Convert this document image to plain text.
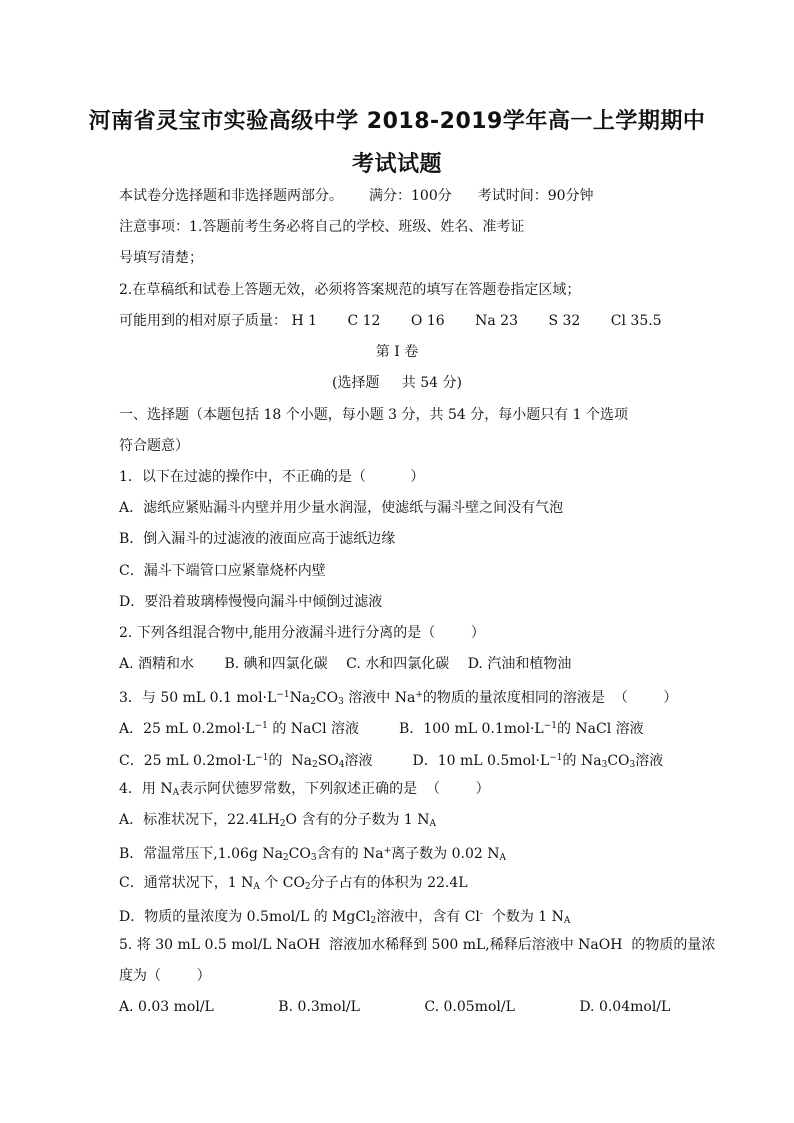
河南省灵宝市实验高级中学 2018-2019学年高一上学期期中
考试试题
本试卷分选择题和非选择题两部分。 满分：100分 考试时间：90分钟
注意事项：1.答题前考生务必将自己的学校、班级、姓名、准考证
号填写清楚；
2.在草稿纸和试卷上答题无效，必须将答案规范的填写在答题卷指定区域；
可能用到的相对原子质量： H 1 C 12 O 16 Na 23 S 32 Cl 35.5
第 I 卷
(选择题     共 54 分)
一、选择题（本题包括 18 个小题，每小题 3 分，共 54 分，每小题只有 1 个选项
符合题意）
1．以下在过滤的操作中，不正确的是（          ）
A．滤纸应紧贴漏斗内壁并用少量水润湿，使滤纸与漏斗壁之间没有气泡
B．倒入漏斗的过滤液的液面应高于滤纸边缘
C．漏斗下端管口应紧靠烧杯内壁
D．要沿着玻璃棒慢慢向漏斗中倾倒过滤液
2. 下列各组混合物中,能用分液漏斗进行分离的是（        ）
A. 酒精和水 B. 碘和四氯化碳 C. 水和四氯化碳 D. 汽油和植物油
3．与 50 mL 0.1 $mol\cdot L^{-1}Na_2CO_3$ 溶液中 Na+的物质的量浓度相同的溶液是  （        ）
A．25 mL $0.2mol\cdot L^{-1}$ 的 NaCl 溶液	B．100 mL $0.1mol\cdot L^{-1}$的 NaCl 溶液
C．25 mL $0.2mol\cdot L^{-1}$的  $Na_2SO_4$溶液	D．10 mL $0.5mol\cdot L^{-1}$的 $Na_3CO_3$溶液
4．用 $N_A$表示阿伏德罗常数，下列叙述正确的是  （        ）
A．标准状况下，$22.4LH_2O$ 含有的分子数为 1 $N_A$
B．常温常压下,1.06g $Na_2CO_3$含有的 Na+离子数为 0.02 $N_A$
C．通常状况下，1 $N_A$ 个 $CO_2$分子占有的体积为 22.4L
D．物质的量浓度为 0.5mol/L 的 MgCl$_2$溶液中，含有 Cl-  个数为 1 $N_A$
5. 将 30 mL 0.5 mol/L NaOH  溶液加水稀释到 500 mL,稀释后溶液中 NaOH  的物质的量浓
度为（        ）
A. 0.03 mol/L	B. 0.3mol/L	C. 0.05mol/L	D. 0.04mol/L
